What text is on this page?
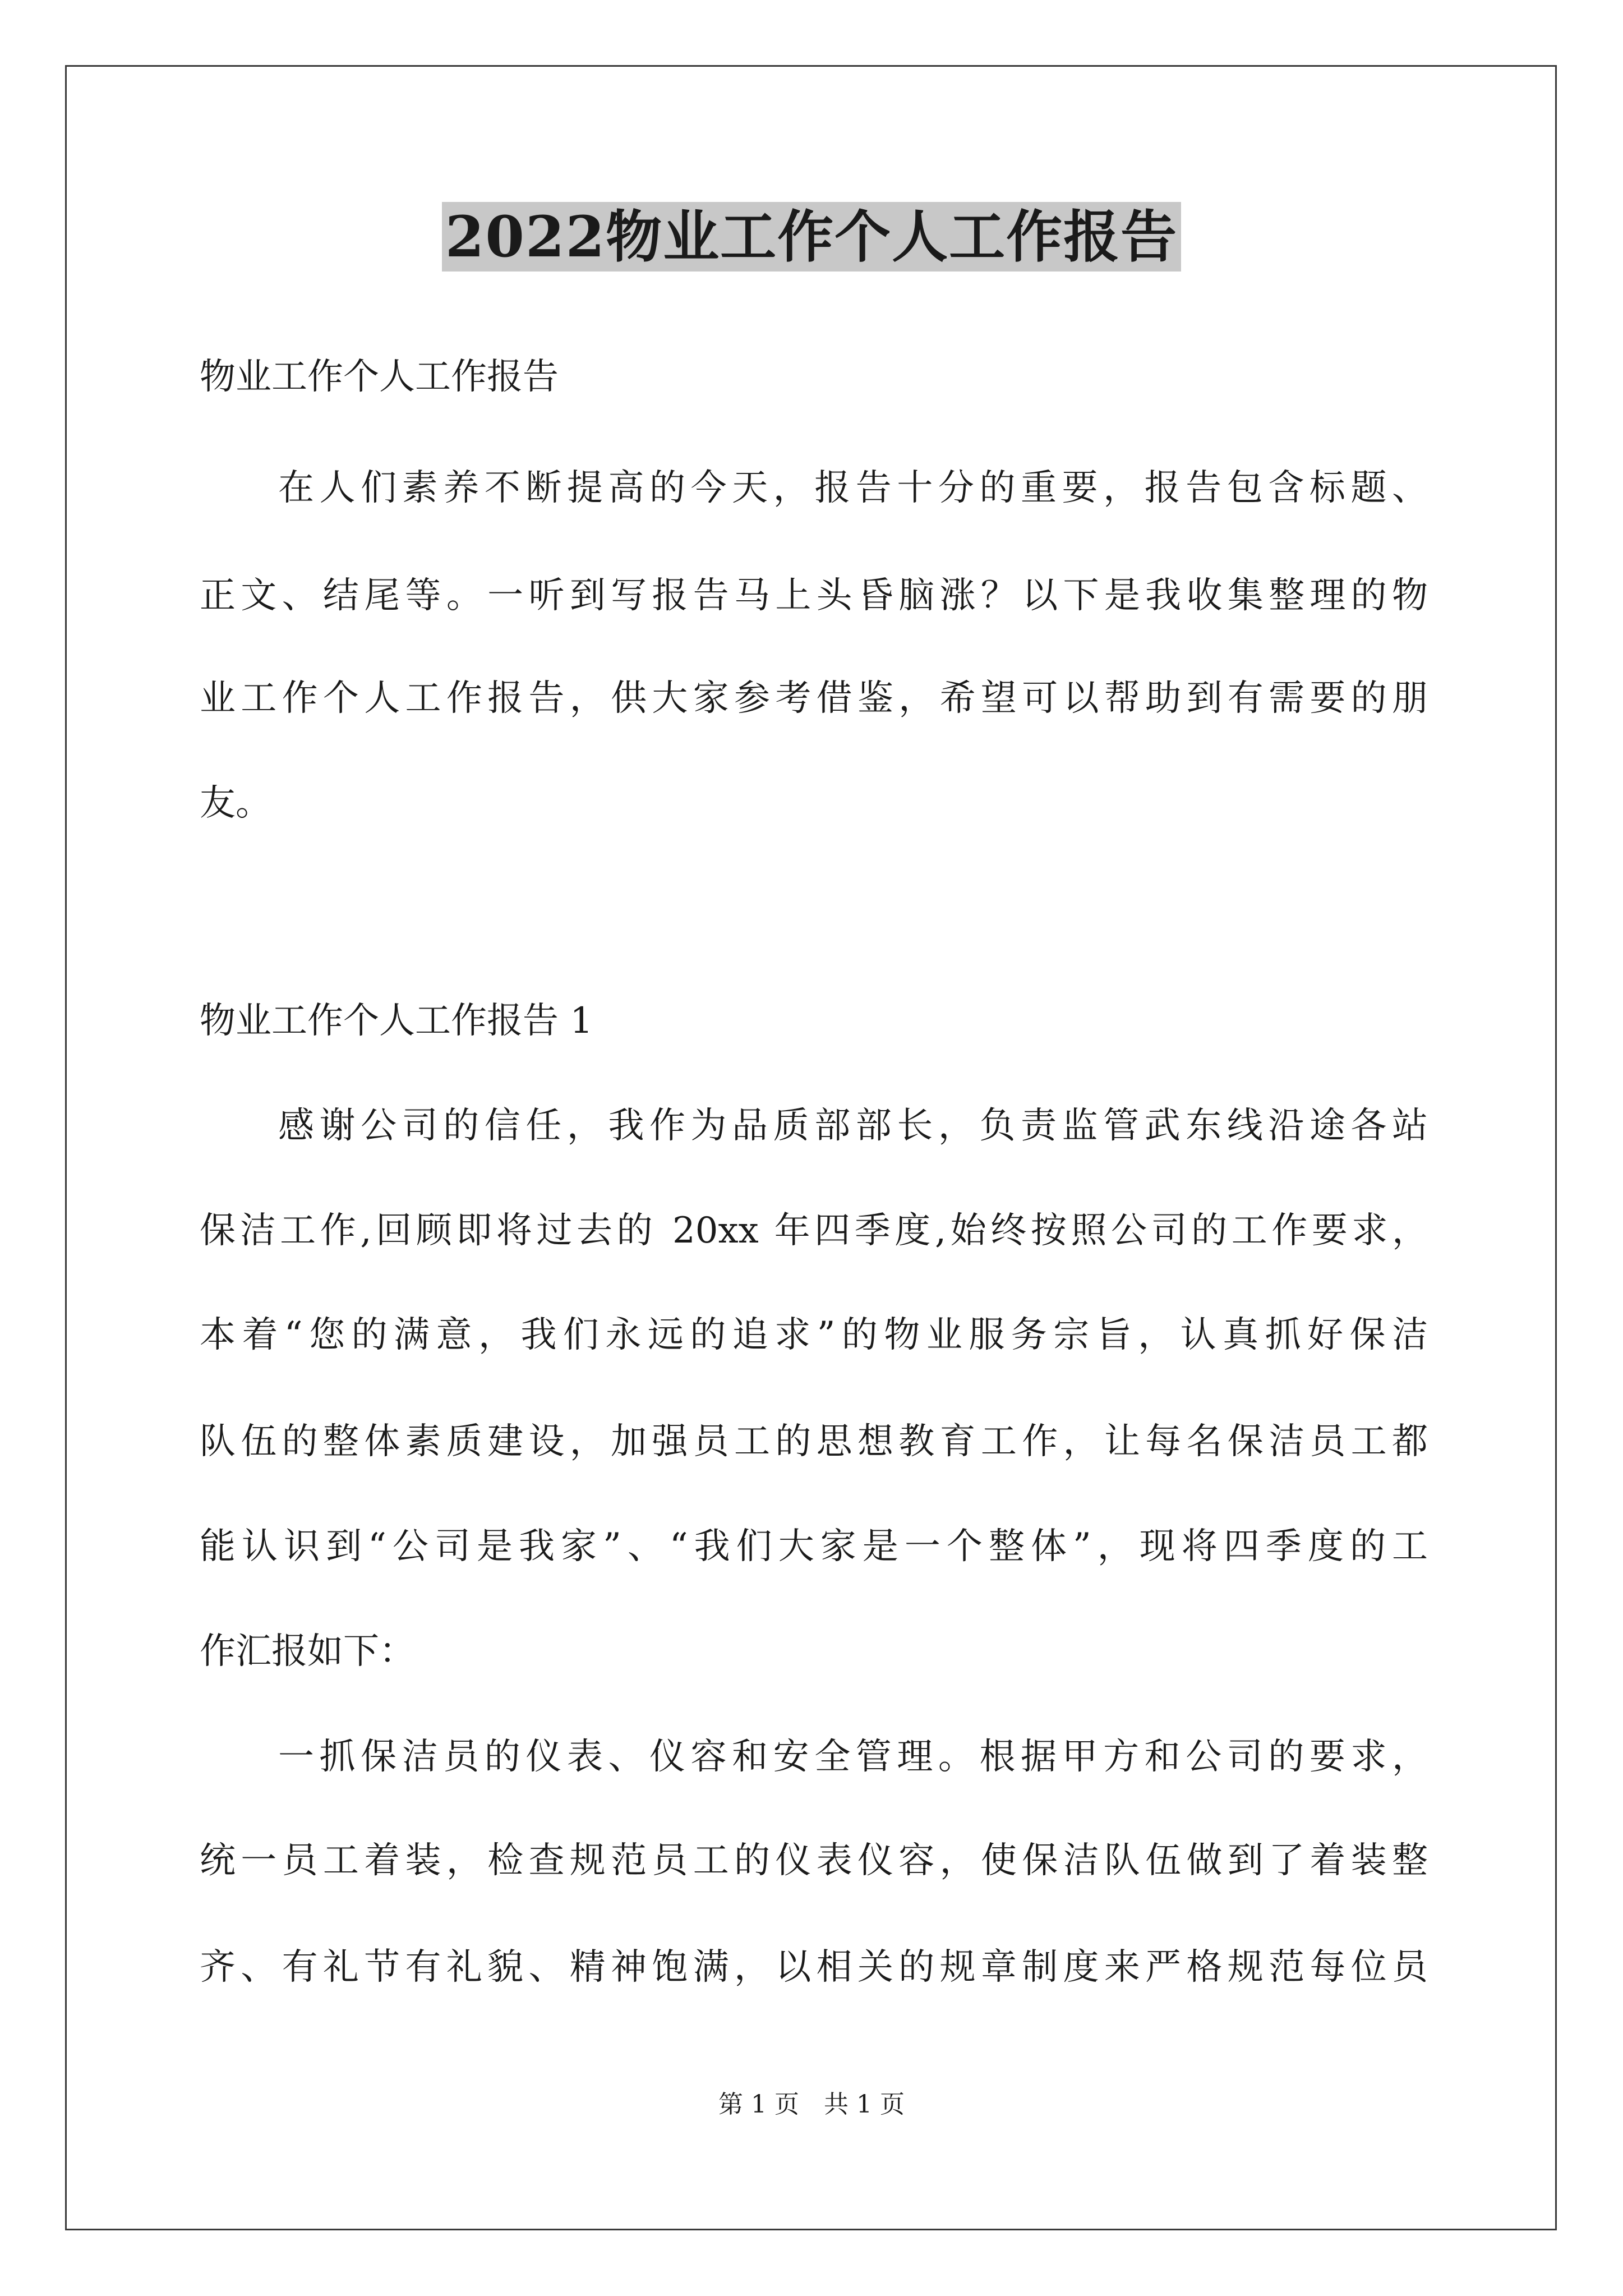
2022物业工作个人工作报告
物业工作个人工作报告
在人们素养不断提高的今天，报告十分的重要，报告包含标题、
正文、结尾等。一听到写报告马上头昏脑涨？以下是我收集整理的物
业工作个人工作报告，供大家参考借鉴，希望可以帮助到有需要的朋
友。
物业工作个人工作报告 1
感谢公司的信任，我作为品质部部长，负责监管武东线沿途各站
保洁工作,回顾即将过去的 20xx 年四季度,始终按照公司的工作要求，
本着“您的满意，我们永远的追求”的物业服务宗旨，认真抓好保洁
队伍的整体素质建设，加强员工的思想教育工作，让每名保洁员工都
能认识到“公司是我家”、“我们大家是一个整体”，现将四季度的工
作汇报如下：
一抓保洁员的仪表、仪容和安全管理。根据甲方和公司的要求，
统一员工着装，检查规范员工的仪表仪容，使保洁队伍做到了着装整
齐、有礼节有礼貌、精神饱满，以相关的规章制度来严格规范每位员
第 1 页　共 1 页
